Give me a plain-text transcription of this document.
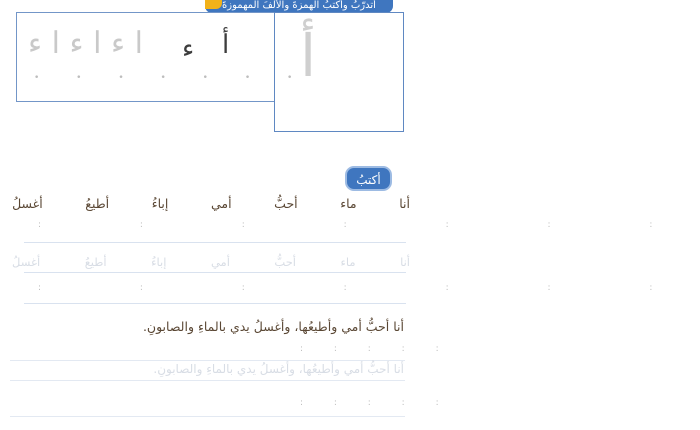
أتدرّبُ وأكتبُ الهمزةَ والألفَ المهموزةَ
ا ء ا ء ا ء ء أ
• • • • • • •
أ
أكتبُ
أنا
ماء
أحبُّ
أمي
إباءُ
أطيعُ
أغسلُ
: : : : : : :
أنا
ماء
أحبُّ
أمي
إباءُ
أطيعُ
أغسلُ
: : : : : : :
أنا أحبُّ أمي وأطيعُها، وأغسلُ يدي بالماءِ والصابونِ.
: : : : :
أنا أحبُّ أمي وأطيعُها، وأغسلُ يدي بالماءِ والصابونِ.
: : : : :
